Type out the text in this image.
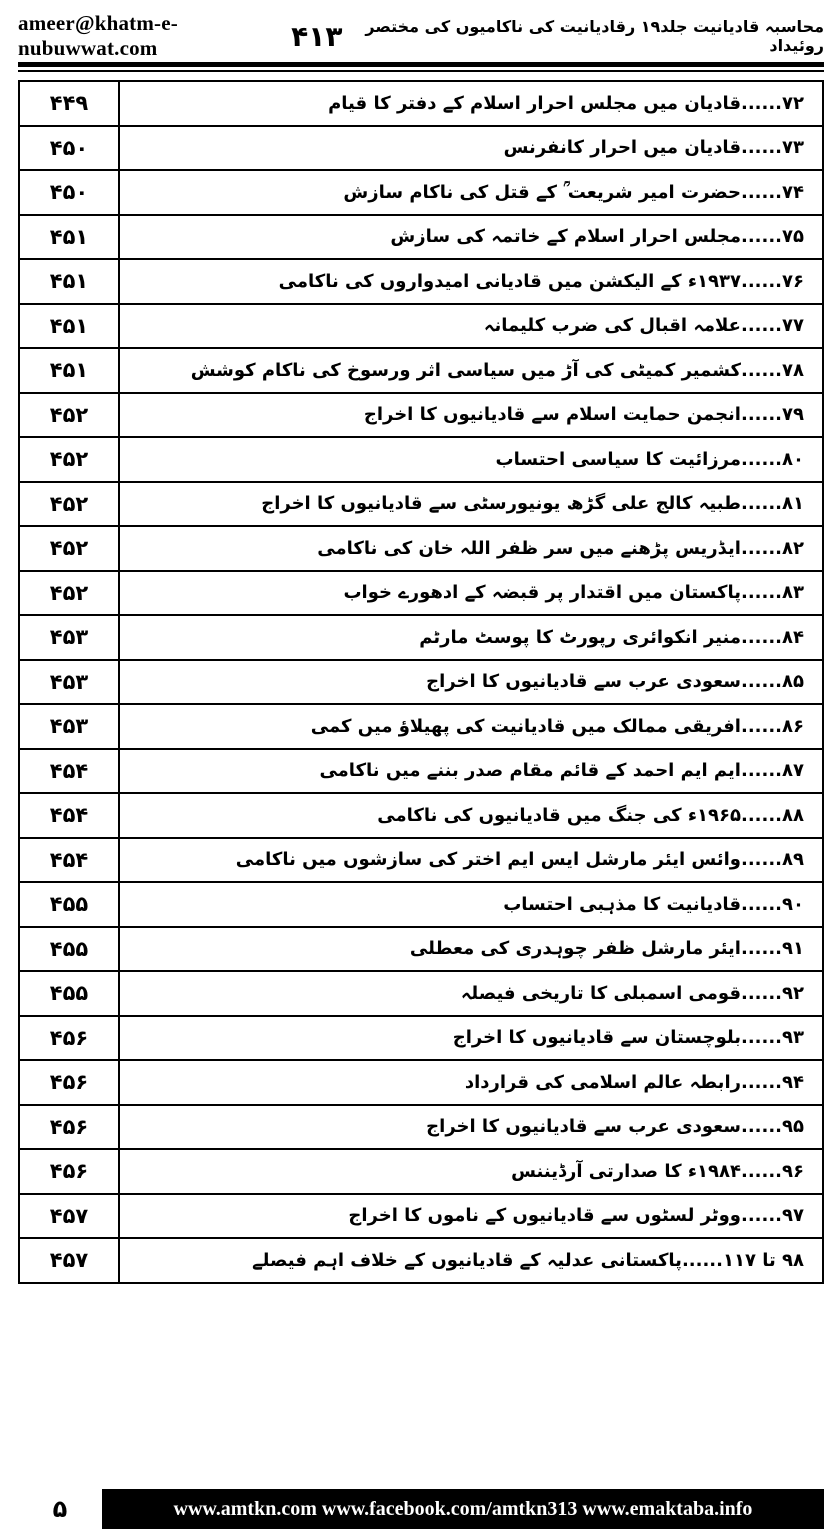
ameer@khatm-e-nubuwwat.com
محاسبہ قادیانیت جلد۱۹ رقادیانیت کی ناکامیوں کی مختصر روئیداد
۴۱۳
۴۴۹	۷۲......قادیان میں مجلس احرار اسلام کے دفتر کا قیام
۴۵۰	۷۳......قادیان میں احرار کانفرنس
۴۵۰	۷۴......حضرت امیر شریعت ؒ کے قتل کی ناکام سازش
۴۵۱	۷۵......مجلس احرار اسلام کے خاتمہ کی سازش
۴۵۱	۷۶......۱۹۳۷ء کے الیکشن میں قادیانی امیدواروں کی ناکامی
۴۵۱	۷۷......علامہ اقبال کی ضرب کلیمانہ
۴۵۱	۷۸......کشمیر کمیٹی کی آڑ میں سیاسی اثر ورسوخ کی ناکام کوشش
۴۵۲	۷۹......انجمن حمایت اسلام سے قادیانیوں کا اخراج
۴۵۲	۸۰......مرزائیت کا سیاسی احتساب
۴۵۲	۸۱......طبیہ کالج علی گڑھ یونیورسٹی سے قادیانیوں کا اخراج
۴۵۲	۸۲......ایڈریس پڑھنے میں سر ظفر اللہ خان کی ناکامی
۴۵۲	۸۳......پاکستان میں اقتدار پر قبضہ کے ادھورے خواب
۴۵۳	۸۴......منیر انکوائری رپورٹ کا پوسٹ مارٹم
۴۵۳	۸۵......سعودی عرب سے قادیانیوں کا اخراج
۴۵۳	۸۶......افریقی ممالک میں قادیانیت کی پھیلاؤ میں کمی
۴۵۴	۸۷......ایم ایم احمد کے قائم مقام صدر بننے میں ناکامی
۴۵۴	۸۸......۱۹۶۵ء کی جنگ میں قادیانیوں کی ناکامی
۴۵۴	۸۹......وائس ایئر مارشل ایس ایم اختر کی سازشوں میں ناکامی
۴۵۵	۹۰......قادیانیت کا مذہبی احتساب
۴۵۵	۹۱......ایئر مارشل ظفر چوہدری کی معطلی
۴۵۵	۹۲......قومی اسمبلی کا تاریخی فیصلہ
۴۵۶	۹۳......بلوچستان سے قادیانیوں کا اخراج
۴۵۶	۹۴......رابطہ عالم اسلامی کی قرارداد
۴۵۶	۹۵......سعودی عرب سے قادیانیوں کا اخراج
۴۵۶	۹۶......۱۹۸۴ء کا صدارتی آرڈیننس
۴۵۷	۹۷......ووٹر لسٹوں سے قادیانیوں کے ناموں کا اخراج
۴۵۷	۹۸ تا ۱۱۷......پاکستانی عدلیہ کے قادیانیوں کے خلاف اہم فیصلے
۵	www.amtkn.com www.facebook.com/amtkn313 www.emaktaba.info
